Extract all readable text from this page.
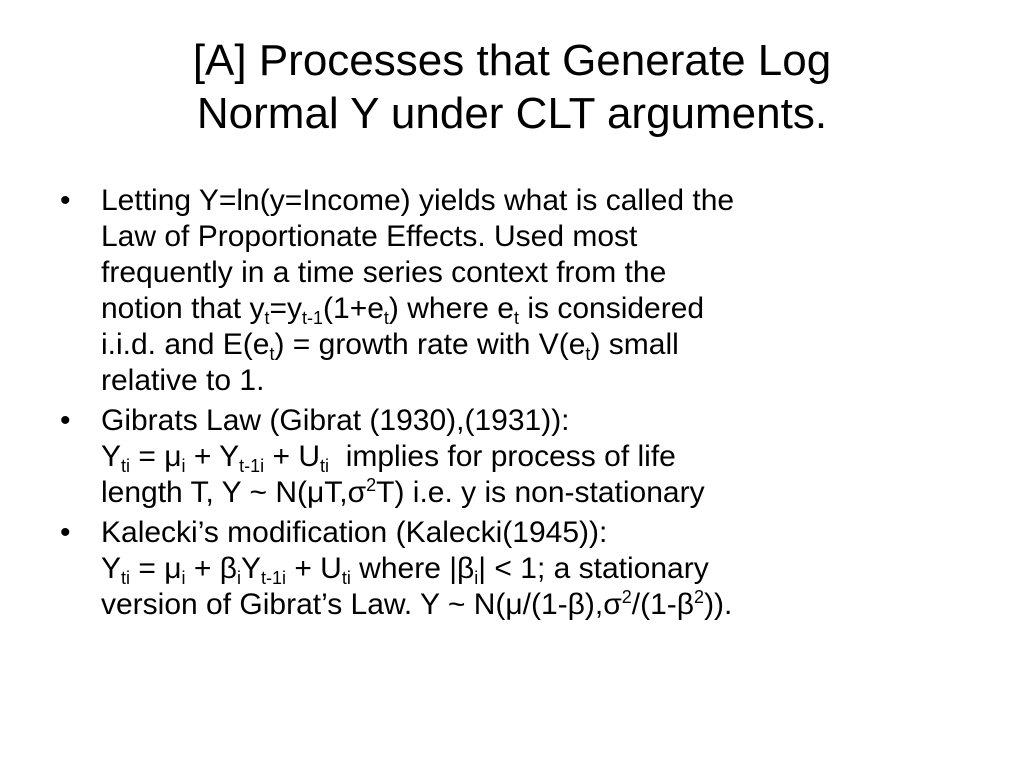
[A] Processes that Generate Log
Normal Y under CLT arguments.
• Letting Y=ln(y=Income) yields what is called the
Law of Proportionate Effects. Used most
frequently in a time series context from the
notion that $y_t=y_{t-1}(1+e_t)$ where $e_t$ is considered
i.i.d. and $E(e_t)$ = growth rate with $V(e_t)$ small
relative to 1.
• Gibrats Law (Gibrat (1930),(1931)):
$Y_{ti} = \mu_i + Y_{t-1i} + U_{ti}$  implies for process of life
length T, Y ~ $N(\mu T,\sigma^2T)$ i.e. y is non-stationary
• Kalecki’s modification (Kalecki(1945)):
$Y_{ti} = \mu_i + \beta_iY_{t-1i} + U_{ti}$ where $|\beta_i| < 1$; a stationary
version of Gibrat’s Law. Y ~ $N(\mu/(1-\beta),\sigma^2/(1-\beta^2))$.
